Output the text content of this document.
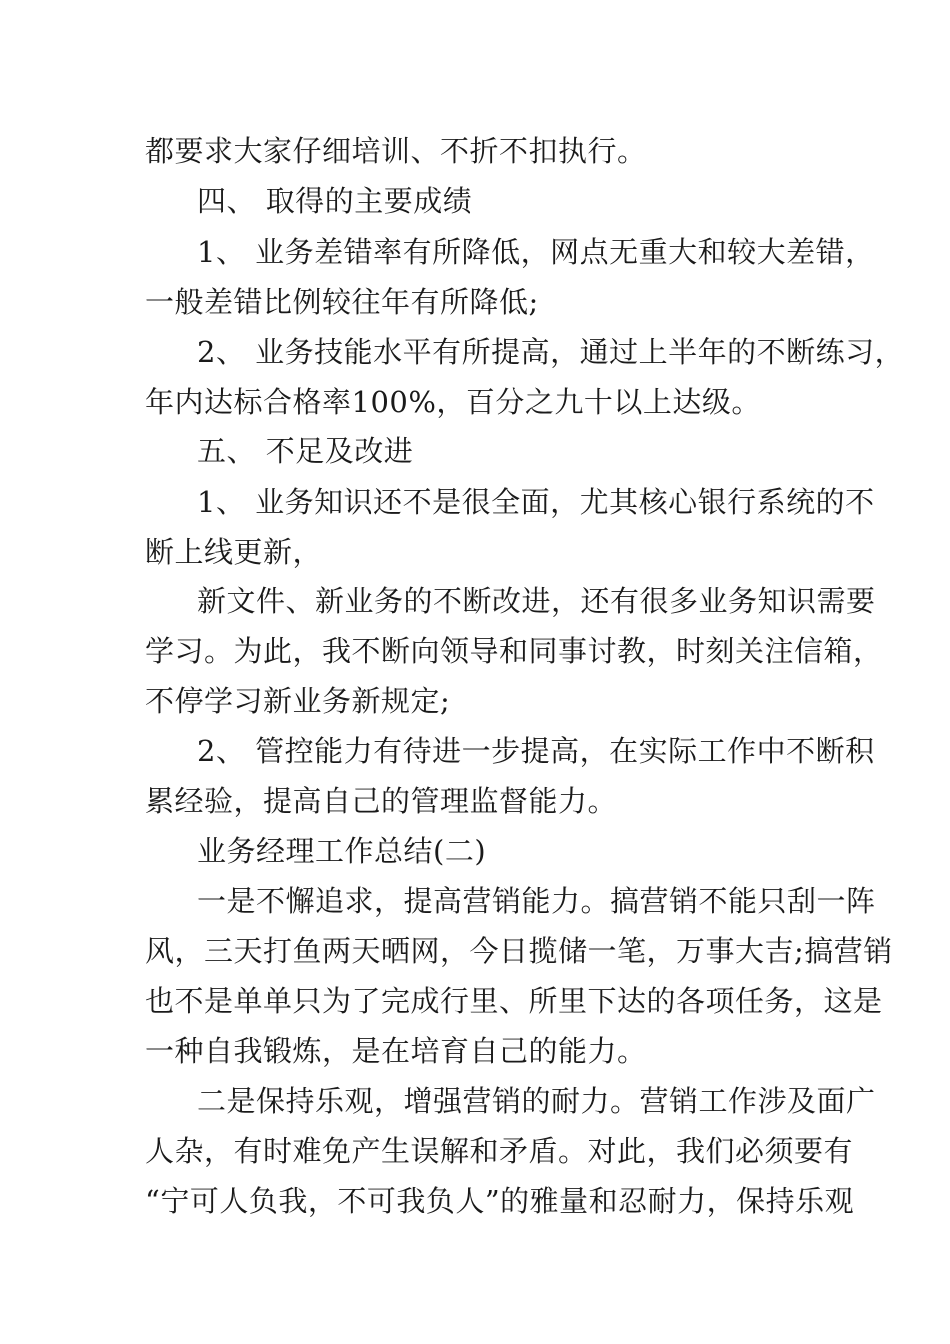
都要求大家仔细培训、不折不扣执行。
四、 取得的主要成绩
1、 业务差错率有所降低，网点无重大和较大差错，
一般差错比例较往年有所降低;
2、 业务技能水平有所提高，通过上半年的不断练习，
年内达标合格率100%，百分之九十以上达级。
五、 不足及改进
1、 业务知识还不是很全面，尤其核心银行系统的不
断上线更新，
新文件、新业务的不断改进，还有很多业务知识需要
学习。为此，我不断向领导和同事讨教，时刻关注信箱，
不停学习新业务新规定;
2、 管控能力有待进一步提高，在实际工作中不断积
累经验，提高自己的管理监督能力。
业务经理工作总结(二)
一是不懈追求，提高营销能力。搞营销不能只刮一阵
风，三天打鱼两天晒网，今日揽储一笔，万事大吉;搞营销
也不是单单只为了完成行里、所里下达的各项任务，这是
一种自我锻炼，是在培育自己的能力。
二是保持乐观，增强营销的耐力。营销工作涉及面广
人杂，有时难免产生误解和矛盾。对此，我们必须要有
“宁可人负我，不可我负人”的雅量和忍耐力，保持乐观
